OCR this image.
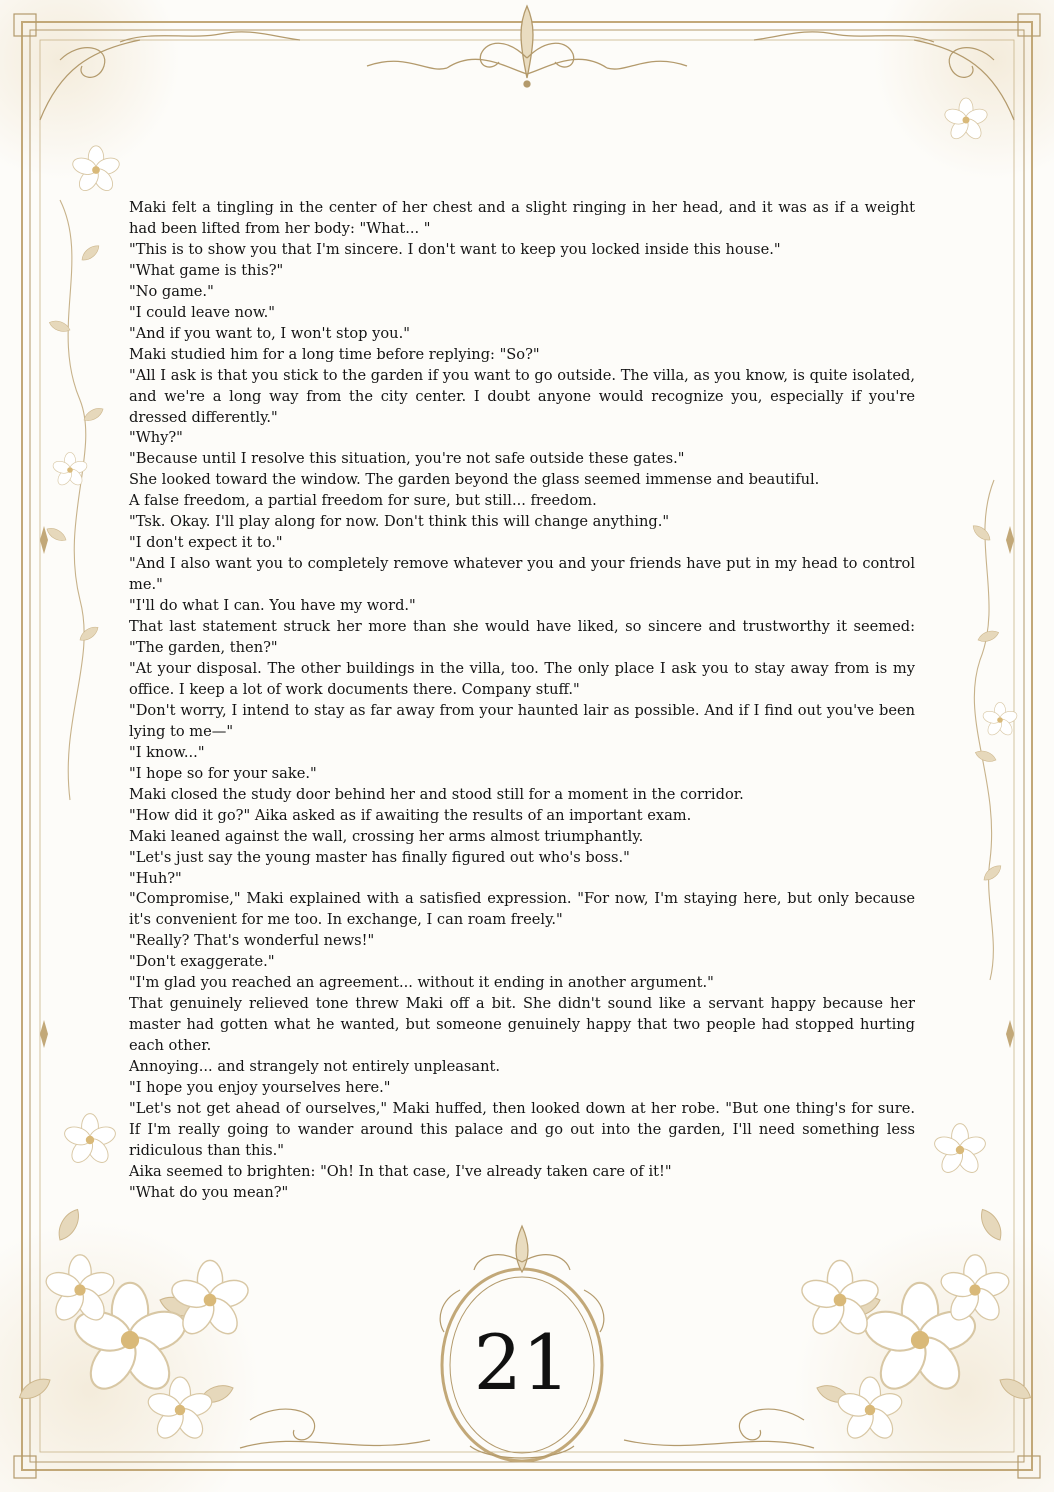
Maki felt a tingling in the center of her chest and a slight ringing in her head, and it was as if a weight had been lifted from her body: "What... "

"This is to show you that I'm sincere. I don't want to keep you locked inside this house."

"What game is this?"

"No game."

"I could leave now."

"And if you want to, I won't stop you."

Maki studied him for a long time before replying: "So?"

"All I ask is that you stick to the garden if you want to go outside. The villa, as you know, is quite isolated, and we're a long way from the city center. I doubt anyone would recognize you, especially if you're dressed differently."

"Why?"

"Because until I resolve this situation, you're not safe outside these gates."

She looked toward the window. The garden beyond the glass seemed immense and beautiful.

A false freedom, a partial freedom for sure, but still... freedom.

"Tsk. Okay. I'll play along for now. Don't think this will change anything."

"I don't expect it to."

"And I also want you to completely remove whatever you and your friends have put in my head to control me."

"I'll do what I can. You have my word."

That last statement struck her more than she would have liked, so sincere and trustworthy it seemed: "The garden, then?"

"At your disposal. The other buildings in the villa, too. The only place I ask you to stay away from is my office. I keep a lot of work documents there. Company stuff."

"Don't worry, I intend to stay as far away from your haunted lair as possible. And if I find out you've been lying to me—"

"I know..."

"I hope so for your sake."

Maki closed the study door behind her and stood still for a moment in the corridor.

"How did it go?" Aika asked as if awaiting the results of an important exam.

Maki leaned against the wall, crossing her arms almost triumphantly.

"Let's just say the young master has finally figured out who's boss."

"Huh?"

"Compromise," Maki explained with a satisfied expression. "For now, I'm staying here, but only because it's convenient for me too. In exchange, I can roam freely."

"Really? That's wonderful news!"

"Don't exaggerate."

"I'm glad you reached an agreement... without it ending in another argument."

That genuinely relieved tone threw Maki off a bit. She didn't sound like a servant happy because her master had gotten what he wanted, but someone genuinely happy that two people had stopped hurting each other.

Annoying... and strangely not entirely unpleasant.

"I hope you enjoy yourselves here."

"Let's not get ahead of ourselves," Maki huffed, then looked down at her robe. "But one thing's for sure. If I'm really going to wander around this palace and go out into the garden, I'll need something less ridiculous than this."

Aika seemed to brighten: "Oh! In that case, I've already taken care of it!"

"What do you mean?"

21
